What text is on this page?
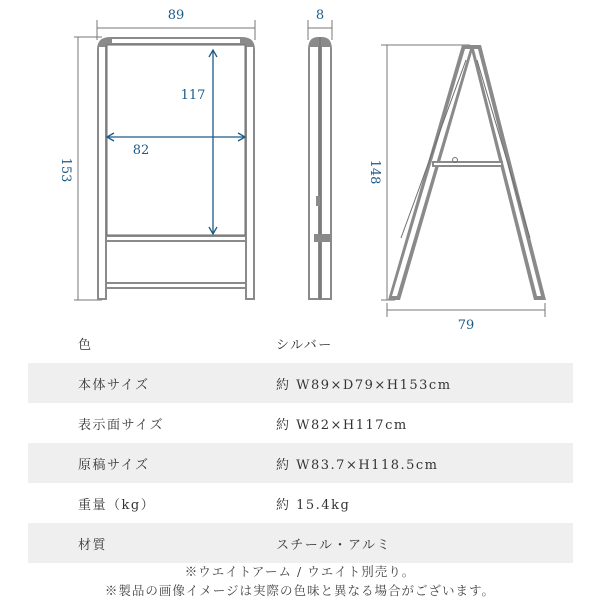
89
153
117
82
8
148
79
色	シルバー
本体サイズ	約 W89×D79×H153cm
表示面サイズ	約 W82×H117cm
原稿サイズ	約 W83.7×H118.5cm
重量（kg）	約 15.4kg
材質	スチール・アルミ
※ウエイトアーム / ウエイト別売り。
※製品の画像イメージは実際の色味と異なる場合がございます。
